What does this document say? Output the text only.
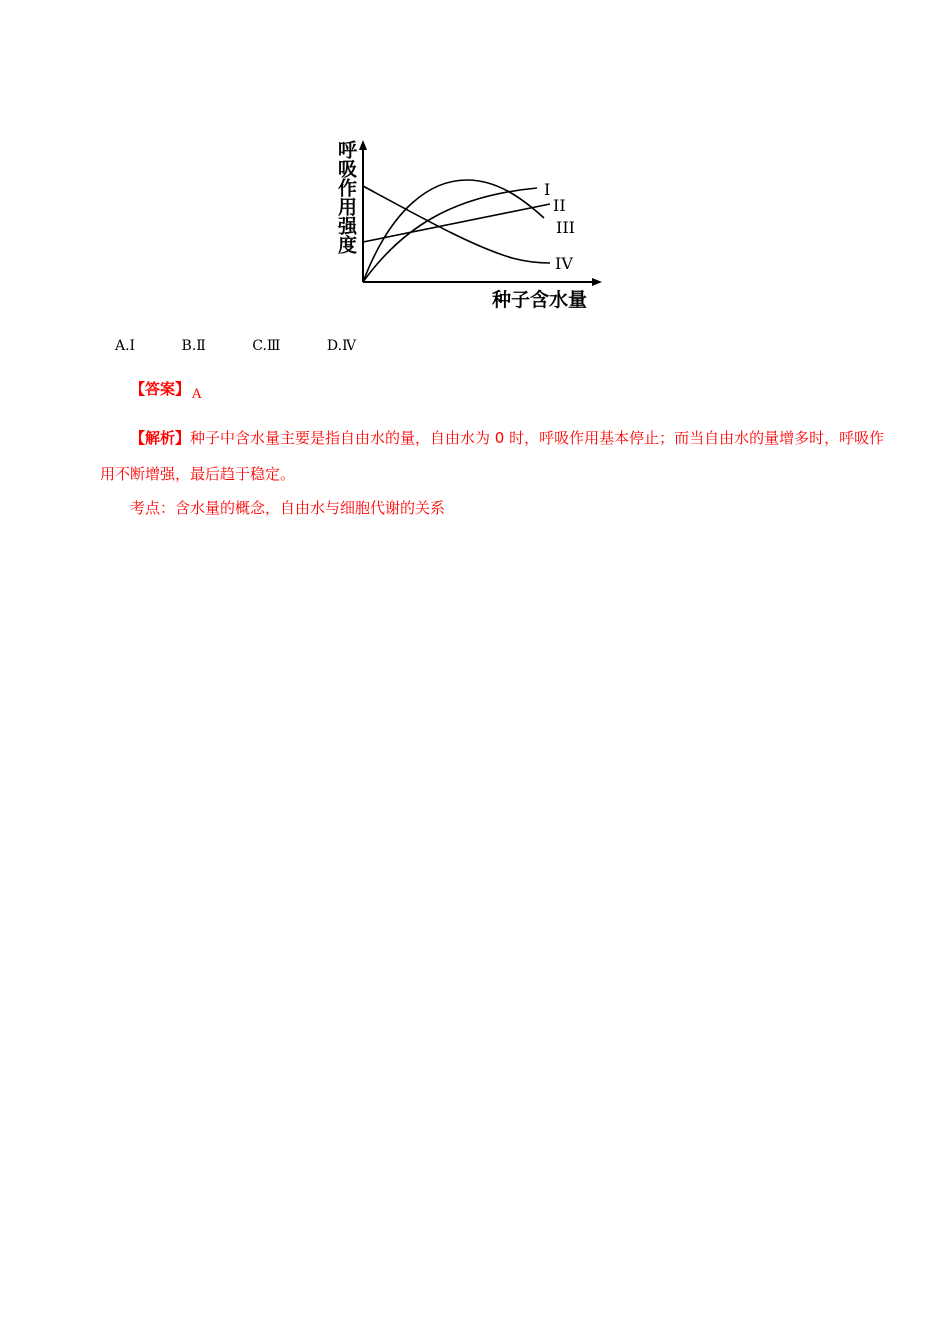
呼吸作用强度
种子含水量
I
II
III
IV
A.Ⅰ	B.Ⅱ	C.Ⅲ	D.Ⅳ
【答案】 A
【解析】种子中含水量主要是指自由水的量，自由水为 0 时，呼吸作用基本停止；而当自由水的量增多时，呼吸作用不断增强，最后趋于稳定。
考点：含水量的概念，自由水与细胞代谢的关系
